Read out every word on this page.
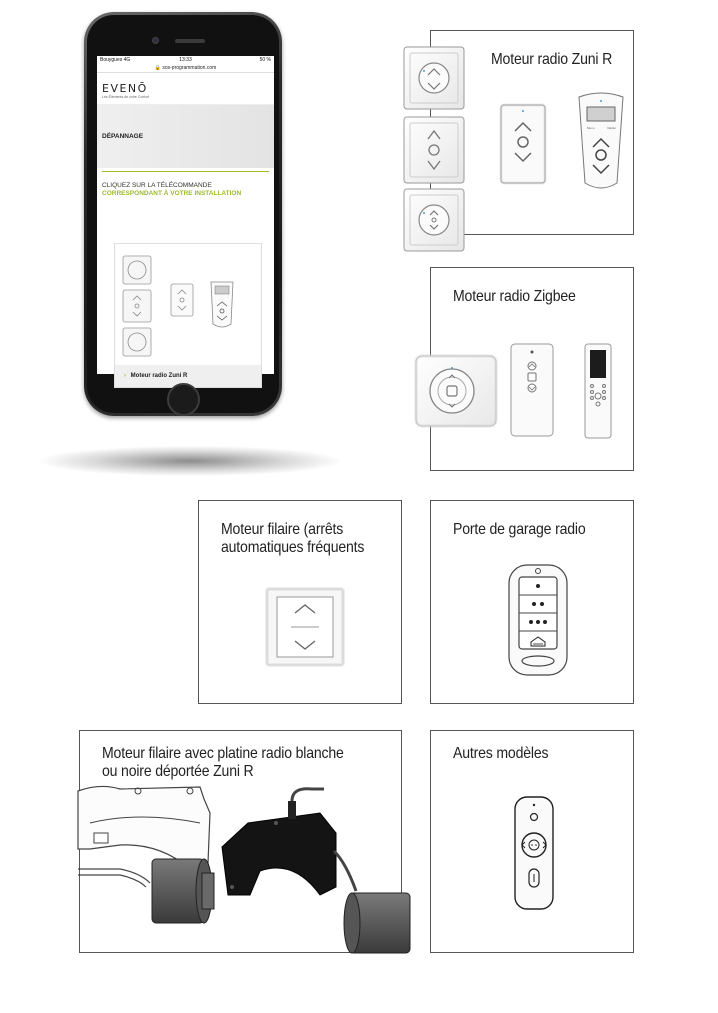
Bouygues 4G	13:33	50 %
🔒 sos-programmation.com
EVENŌ
Les Éléments de votre Confort
DÉPANNAGE
CLIQUEZ SUR LA TÉLÉCOMMANDE
CORRESPONDANT À VOTRE INSTALLATION
› Moteur radio Zuni R
Moteur radio Zuni R
Menu	Valider
Moteur radio Zigbee
Moteur filaire (arrêts
automatiques fréquents
Porte de garage radio
Moteur filaire avec platine radio blanche
ou noire déportée Zuni R
Autres modèles
